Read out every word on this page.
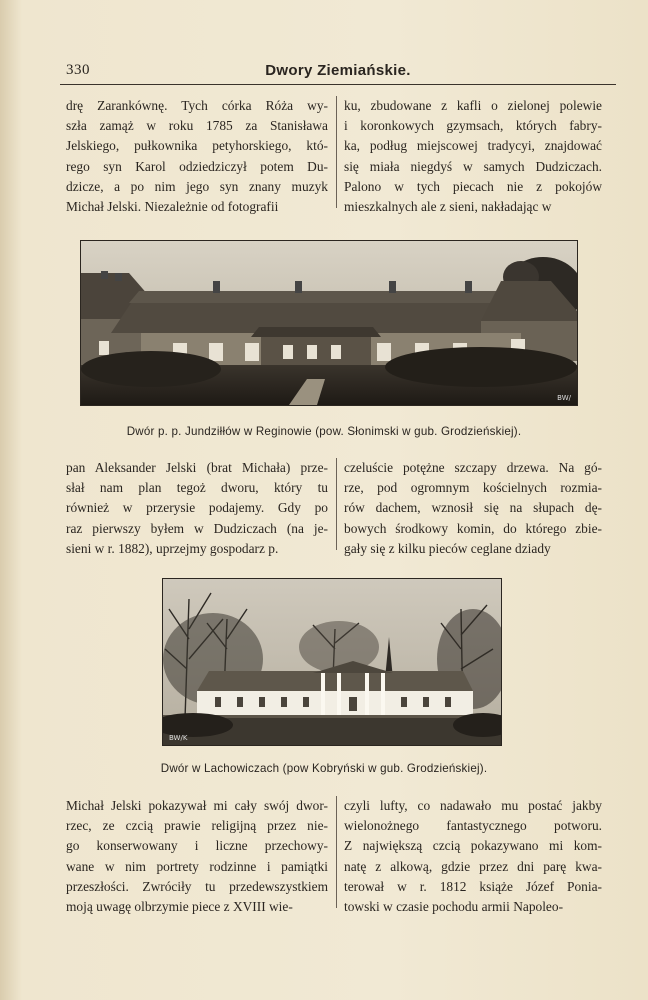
330	Dwory Ziemiańskie.
drę Zarankównę. Tych córka Róża wy-
szła zamąż w roku 1785 za Stanisława
Jelskiego, pułkownika petyhorskiego, któ-
rego syn Karol odziedziczył potem Du-
dzicze, a po nim jego syn znany muzyk
Michał Jelski. Niezależnie od fotografii
ku, zbudowane z kafli o zielonej polewie
i koronkowych gzymsach, których fabry-
ka, podług miejscowej tradycyi, znajdować
się miała niegdyś w samych Dudziczach.
Palono w tych piecach nie z pokojów
mieszkalnych ale z sieni, nakładając w
BW/
Dwór p. p. Jundziłłów w Reginowie (pow. Słonimski w gub. Grodzieńskiej).
pan Aleksander Jelski (brat Michała) prze-
słał nam plan tegoż dworu, który tu
również w przerysie podajemy. Gdy po
raz pierwszy byłem w Dudziczach (na je-
sieni w r. 1882), uprzejmy gospodarz p.
czeluście potężne szczapy drzewa. Na gó-
rze, pod ogromnym kościelnych rozmia-
rów dachem, wznosił się na słupach dę-
bowych środkowy komin, do którego zbie-
gały się z kilku pieców ceglane dziady
BW/K
Dwór w Lachowiczach (pow Kobryński w gub. Grodzieńskiej).
Michał Jelski pokazywał mi cały swój dwor-
rzec, ze czcią prawie religijną przez nie-
go konserwowany i liczne przechowy-
wane w nim portrety rodzinne i pamiątki
przeszłości. Zwróciły tu przedewszystkiem
moją uwagę olbrzymie piece z XVIII wie-
czyli lufty, co nadawało mu postać jakby
wielonożnego fantastycznego potworu.
Z największą czcią pokazywano mi kom-
natę z alkową, gdzie przez dni parę kwa-
terował w r. 1812 książe Józef Ponia-
towski w czasie pochodu armii Napoleo-
